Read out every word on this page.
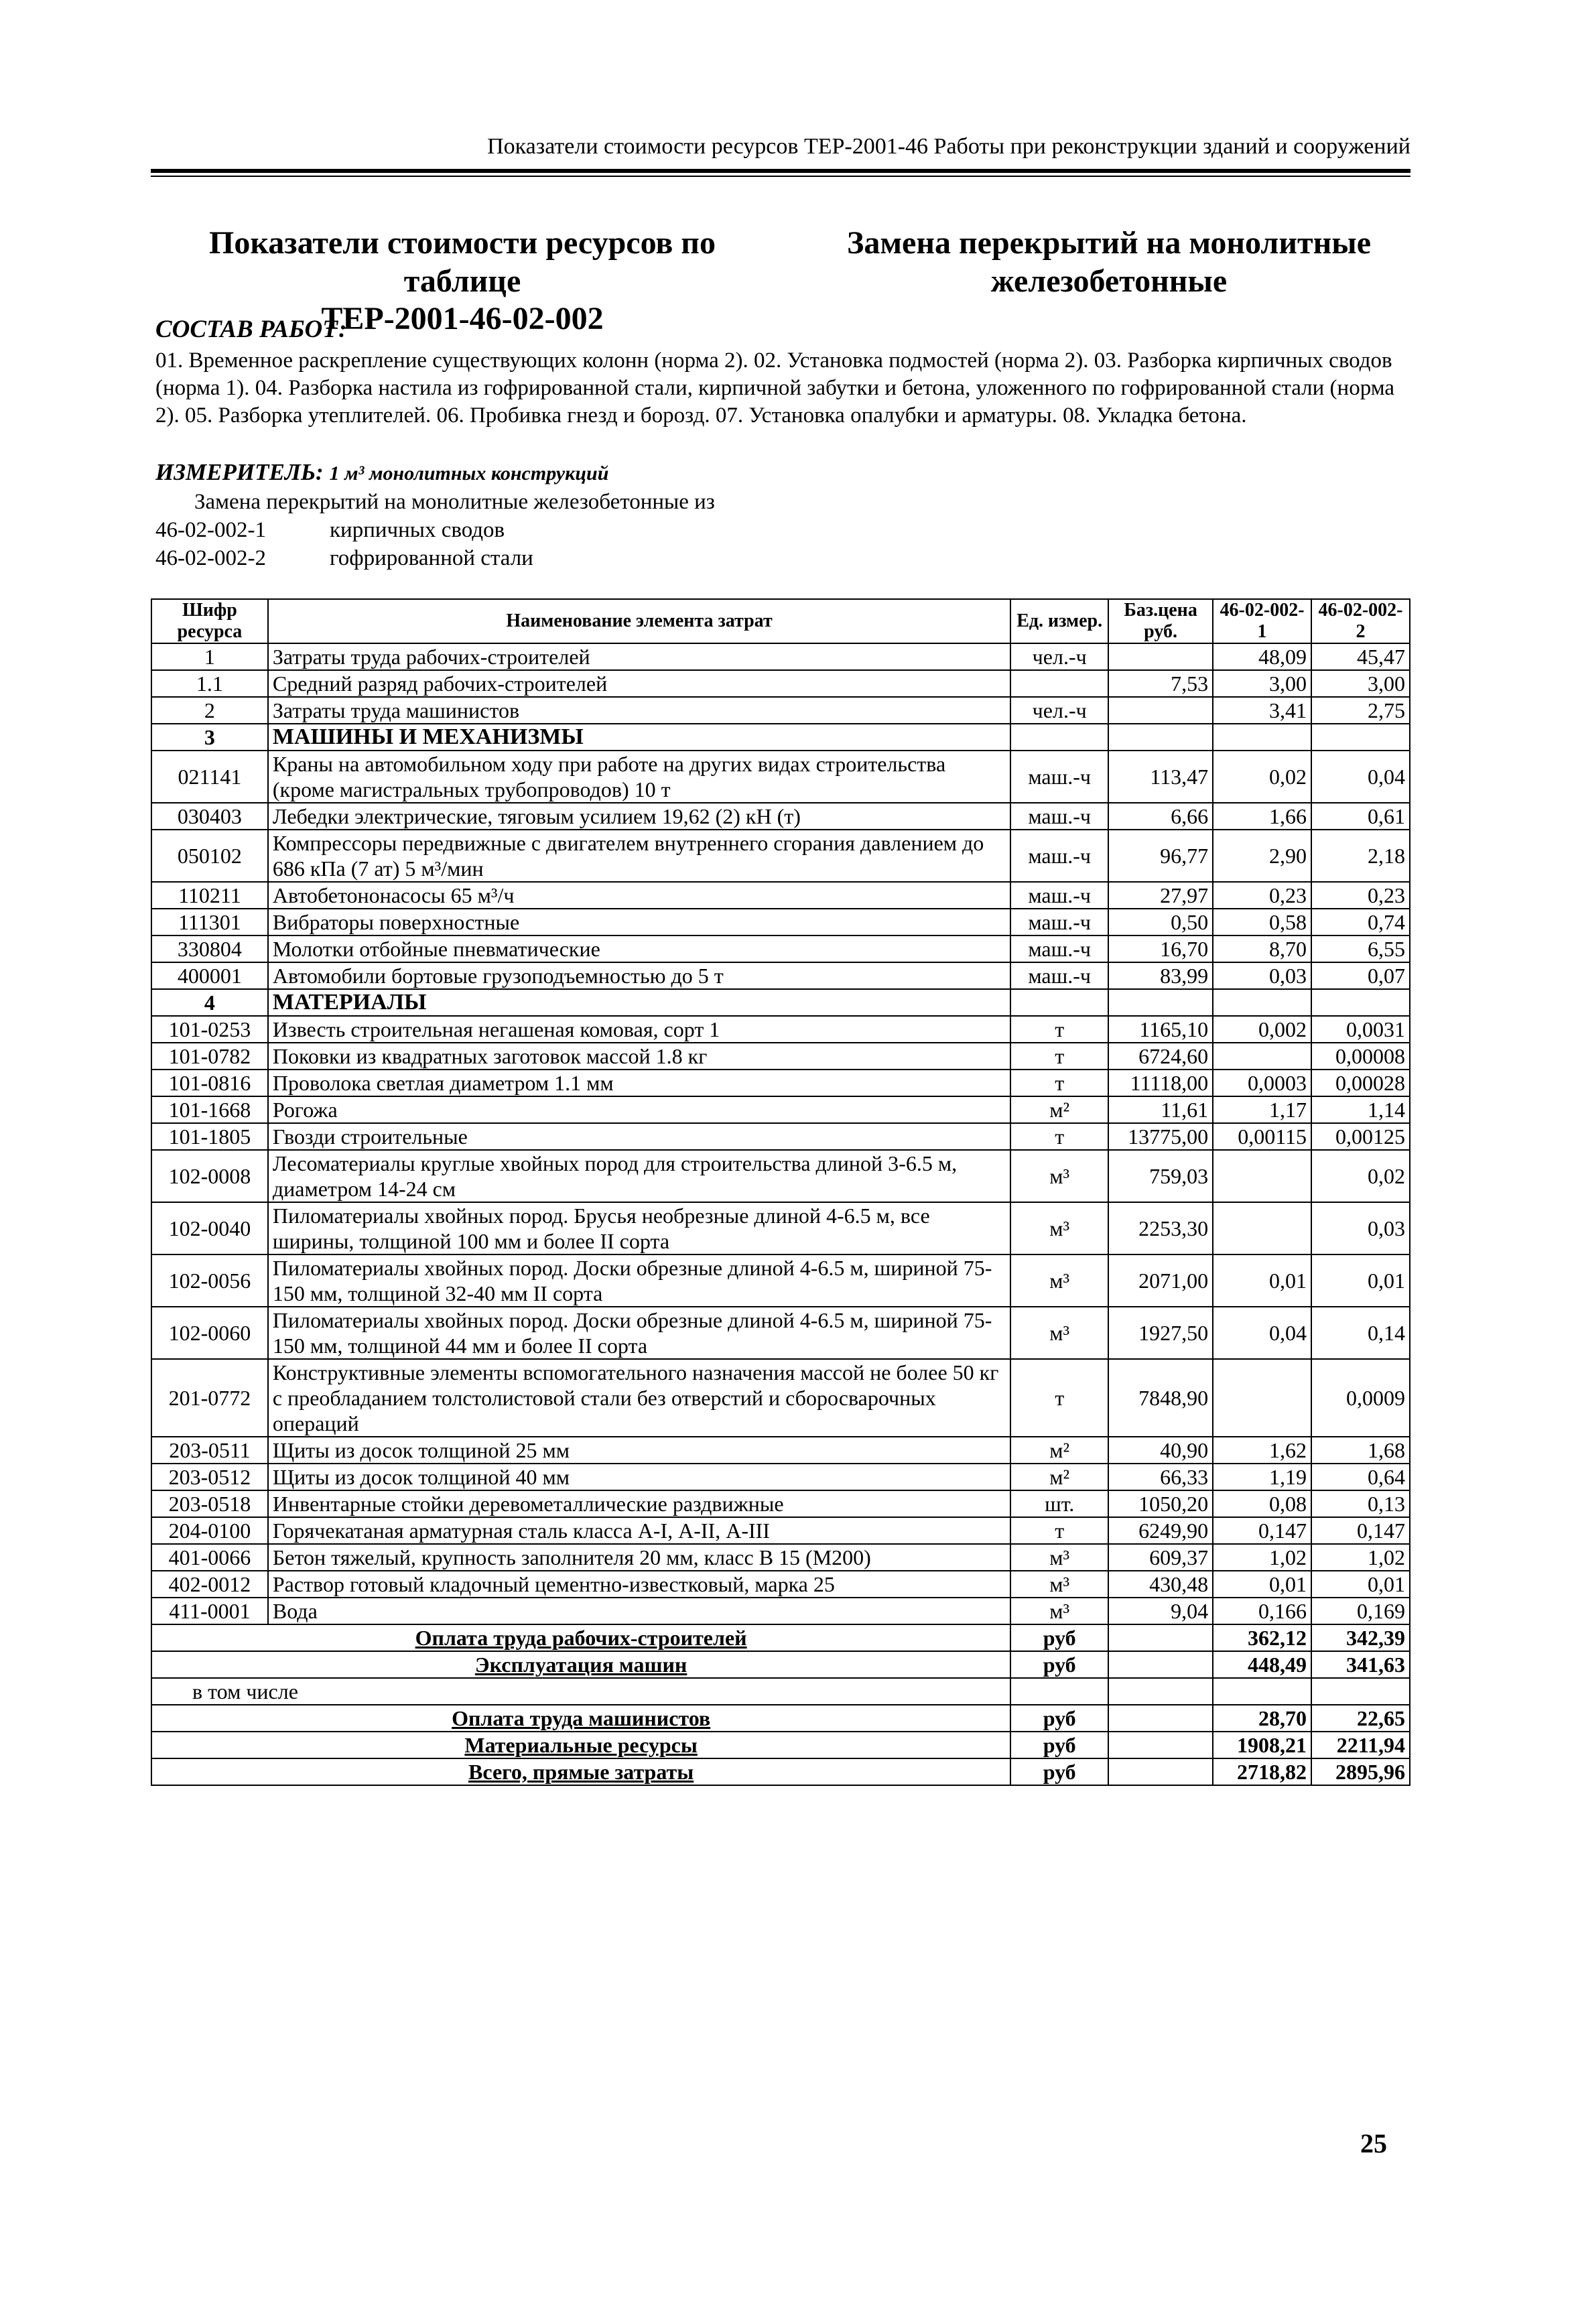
Показатели стоимости ресурсов ТЕР-2001-46 Работы при реконструкции зданий и сооружений
Показатели стоимости ресурсов по таблице
ТЕР-2001-46-02-002
Замена перекрытий на монолитные
железобетонные
СОСТАВ РАБОТ:
01. Временное раскрепление существующих колонн (норма 2). 02. Установка подмостей (норма 2). 03. Разборка кирпичных сводов (норма 1). 04. Разборка настила из гофрированной стали, кирпичной забутки и бетона, уложенного по гофрированной стали (норма 2). 05. Разборка утеплителей. 06. Пробивка гнезд и борозд. 07. Установка опалубки и арматуры. 08. Укладка бетона.
ИЗМЕРИТЕЛЬ: 1 м³ монолитных конструкций
Замена перекрытий на монолитные железобетонные из
46-02-002-1	кирпичных сводов
46-02-002-2	гофрированной стали
Шифр ресурса	Наименование элемента затрат	Ед. измер.	Баз.цена руб.	46-02-002-1	46-02-002-2
1	Затраты труда рабочих-строителей	чел.-ч		48,09	45,47
1.1	Средний разряд рабочих-строителей		7,53	3,00	3,00
2	Затраты труда машинистов	чел.-ч		3,41	2,75
3	МАШИНЫ И МЕХАНИЗМЫ				
021141	Краны на автомобильном ходу при работе на других видах строительства (кроме магистральных трубопроводов) 10 т	маш.-ч	113,47	0,02	0,04
030403	Лебедки электрические, тяговым усилием 19,62 (2) кН (т)	маш.-ч	6,66	1,66	0,61
050102	Компрессоры передвижные с двигателем внутреннего сгорания давлением до 686 кПа (7 ат) 5 м³/мин	маш.-ч	96,77	2,90	2,18
110211	Автобетононасосы 65 м³/ч	маш.-ч	27,97	0,23	0,23
111301	Вибраторы поверхностные	маш.-ч	0,50	0,58	0,74
330804	Молотки отбойные пневматические	маш.-ч	16,70	8,70	6,55
400001	Автомобили бортовые грузоподъемностью до 5 т	маш.-ч	83,99	0,03	0,07
4	МАТЕРИАЛЫ				
101-0253	Известь строительная негашеная комовая, сорт 1	т	1165,10	0,002	0,0031
101-0782	Поковки из квадратных заготовок массой 1.8 кг	т	6724,60		0,00008
101-0816	Проволока светлая диаметром 1.1 мм	т	11118,00	0,0003	0,00028
101-1668	Рогожа	м²	11,61	1,17	1,14
101-1805	Гвозди строительные	т	13775,00	0,00115	0,00125
102-0008	Лесоматериалы круглые хвойных пород для строительства длиной 3-6.5 м, диаметром 14-24 см	м³	759,03		0,02
102-0040	Пиломатериалы хвойных пород. Брусья необрезные длиной 4-6.5 м, все ширины, толщиной 100 мм и более II сорта	м³	2253,30		0,03
102-0056	Пиломатериалы хвойных пород. Доски обрезные длиной 4-6.5 м, шириной 75-150 мм, толщиной 32-40 мм II сорта	м³	2071,00	0,01	0,01
102-0060	Пиломатериалы хвойных пород. Доски обрезные длиной 4-6.5 м, шириной 75-150 мм, толщиной 44 мм и более II сорта	м³	1927,50	0,04	0,14
201-0772	Конструктивные элементы вспомогательного назначения массой не более 50 кг с преобладанием толстолистовой стали без отверстий и сборосварочных операций	т	7848,90		0,0009
203-0511	Щиты из досок толщиной 25 мм	м²	40,90	1,62	1,68
203-0512	Щиты из досок толщиной 40 мм	м²	66,33	1,19	0,64
203-0518	Инвентарные стойки деревометаллические раздвижные	шт.	1050,20	0,08	0,13
204-0100	Горячекатаная арматурная сталь класса А-I, А-II, А-III	т	6249,90	0,147	0,147
401-0066	Бетон тяжелый, крупность заполнителя 20 мм, класс В 15 (М200)	м³	609,37	1,02	1,02
402-0012	Раствор готовый кладочный цементно-известковый, марка 25	м³	430,48	0,01	0,01
411-0001	Вода	м³	9,04	0,166	0,169
Оплата труда рабочих-строителей		руб		362,12	342,39
Эксплуатация машин		руб		448,49	341,63
в том числе					
Оплата труда машинистов		руб		28,70	22,65
Материальные ресурсы		руб		1908,21	2211,94
Всего, прямые затраты		руб		2718,82	2895,96
25
